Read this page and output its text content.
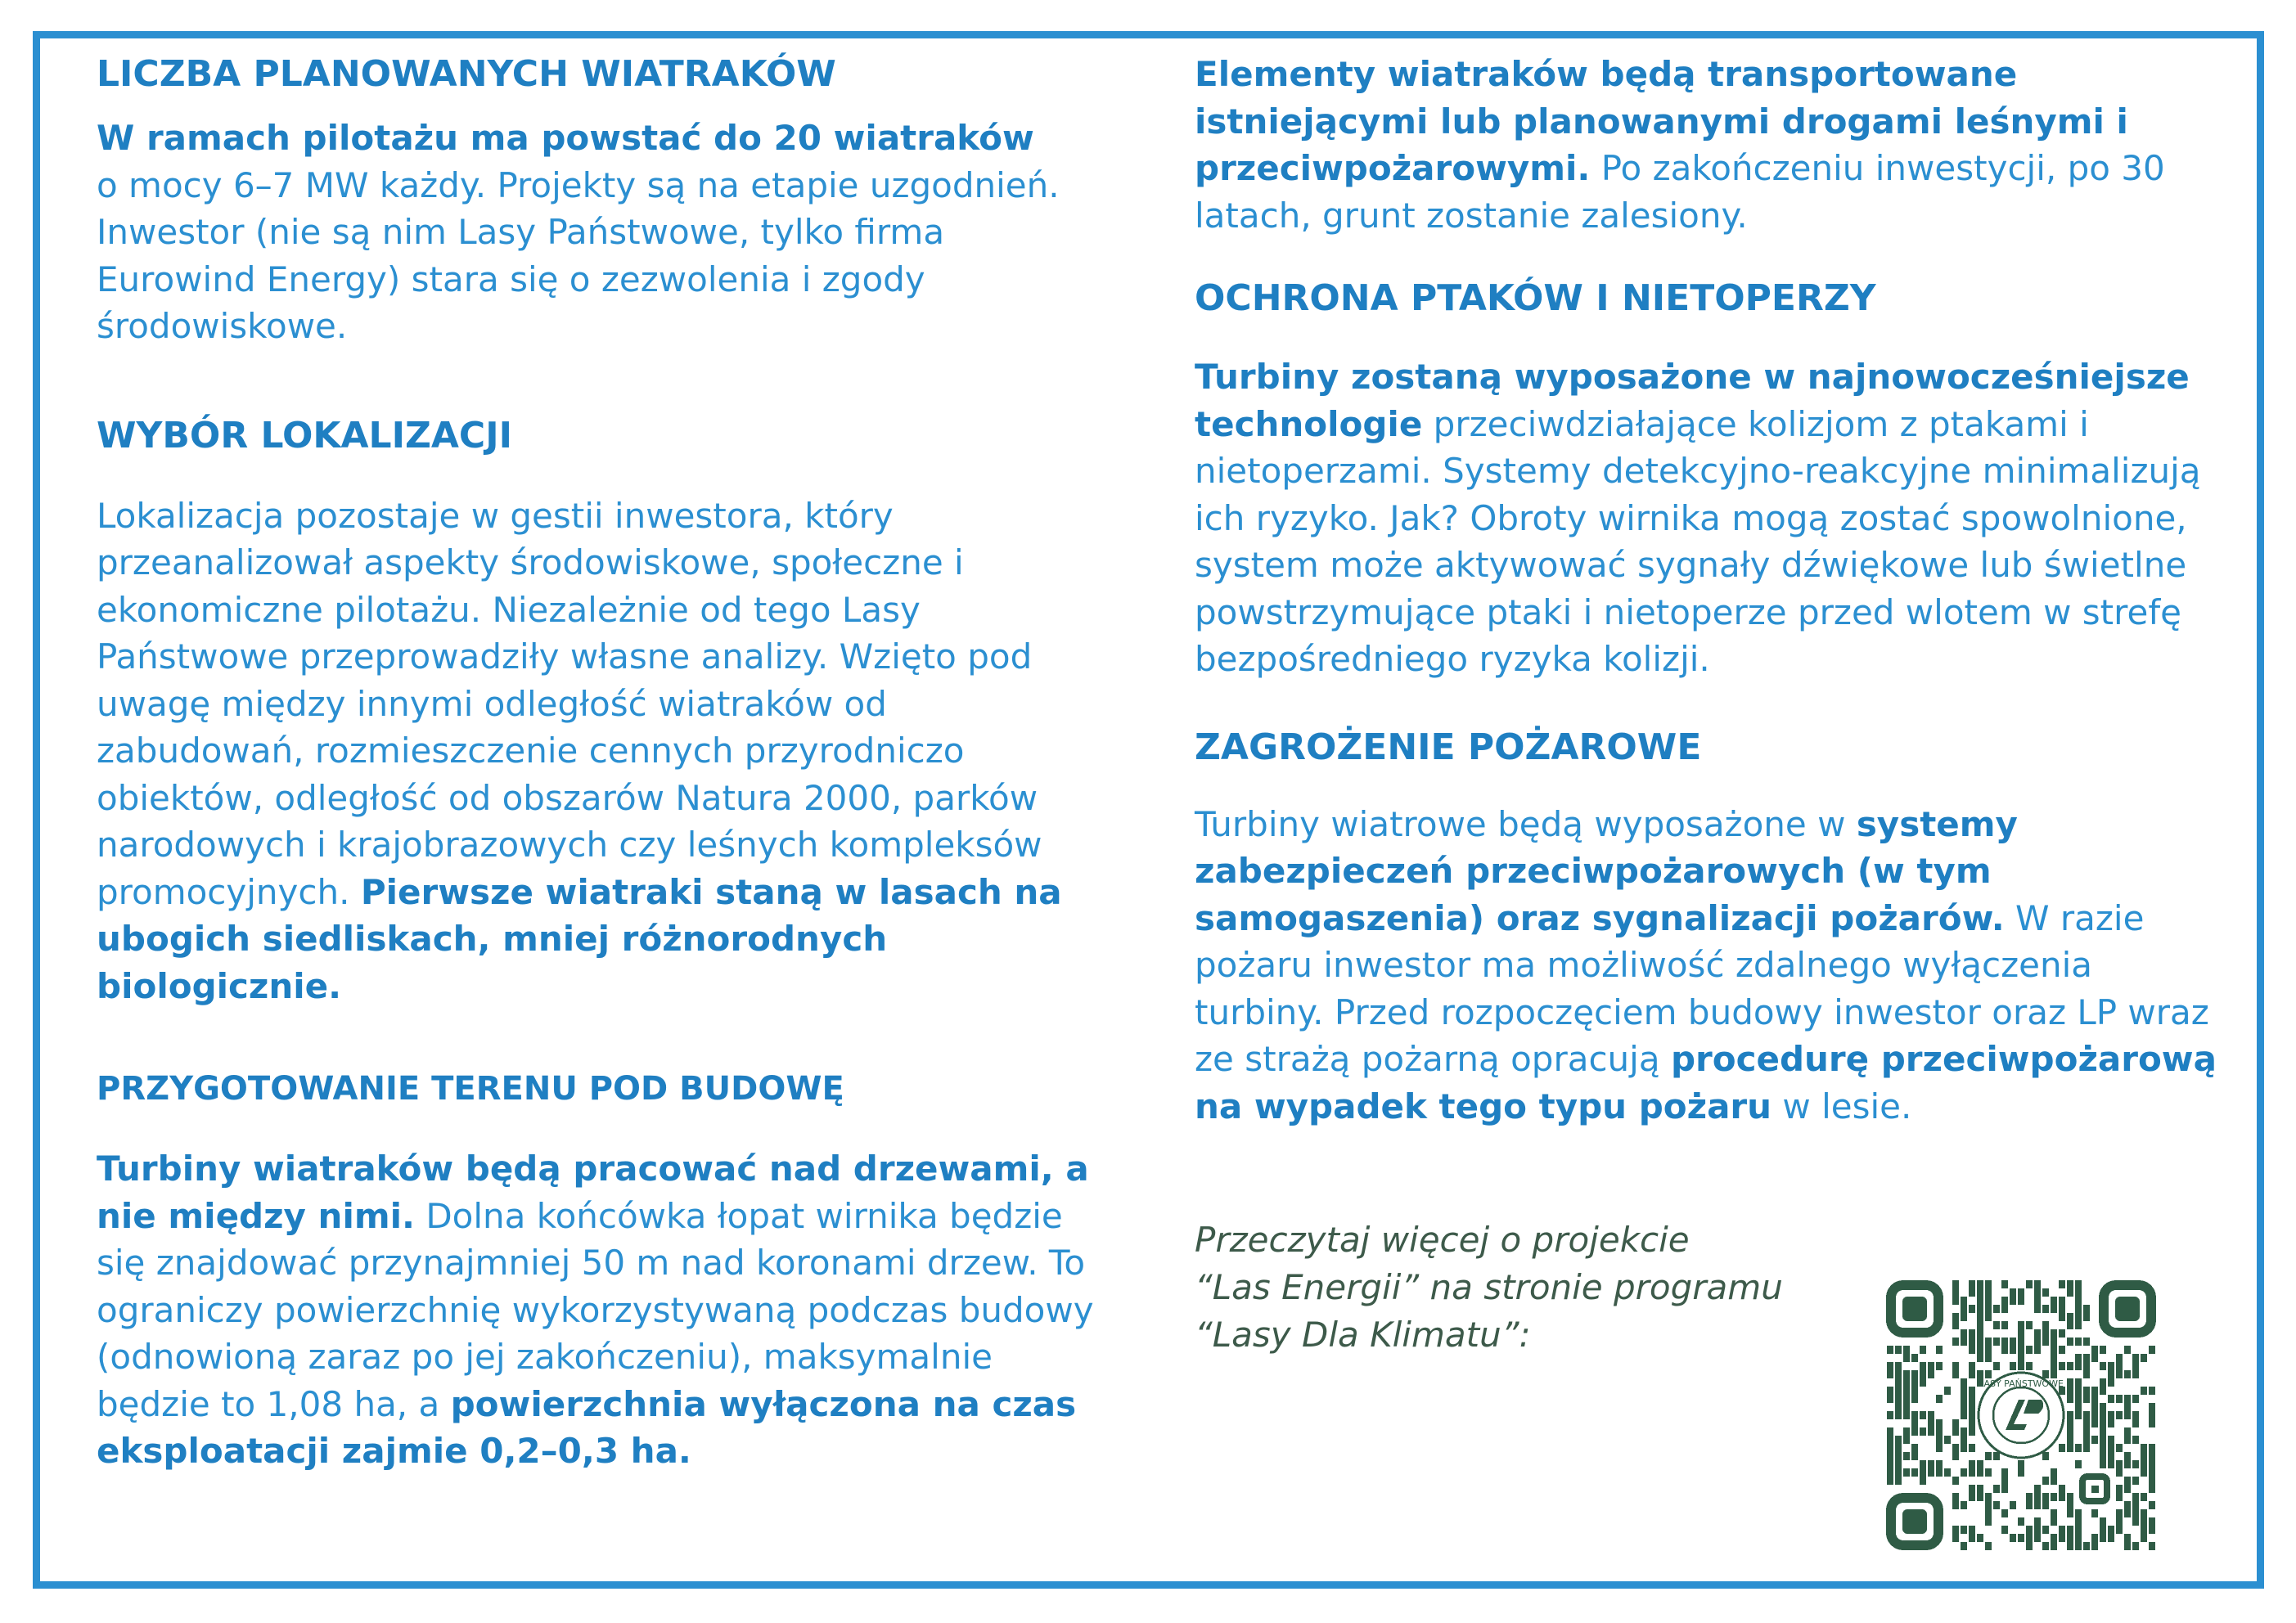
LICZBA PLANOWANYCH WIATRAKÓW

W ramach pilotażu ma powstać do 20 wiatraków
o mocy 6–7 MW każdy. Projekty są na etapie uzgodnień. Inwestor (nie są nim Lasy Państwowe, tylko firma Eurowind Energy) stara się o zezwolenia i zgody środowiskowe.

WYBÓR LOKALIZACJI

Lokalizacja pozostaje w gestii inwestora, który przeanalizował aspekty środowiskowe, społeczne i ekonomiczne pilotażu. Niezależnie od tego Lasy Państwowe przeprowadziły własne analizy. Wzięto pod uwagę między innymi odległość wiatraków od zabudowań, rozmieszczenie cennych przyrodniczo obiektów, odległość od obszarów Natura 2000, parków narodowych i krajobrazowych czy leśnych kompleksów promocyjnych. Pierwsze wiatraki staną w lasach na ubogich siedliskach, mniej różnorodnych biologicznie.

PRZYGOTOWANIE TERENU POD BUDOWĘ

Turbiny wiatraków będą pracować nad drzewami, a nie między nimi. Dolna końcówka łopat wirnika będzie się znajdować przynajmniej 50 m nad koronami drzew. To ograniczy powierzchnię wykorzystywaną podczas budowy (odnowioną zaraz po jej zakończeniu), maksymalnie będzie to 1,08 ha, a powierzchnia wyłączona na czas eksploatacji zajmie 0,2–0,3 ha.

Elementy wiatraków będą transportowane istniejącymi lub planowanymi drogami leśnymi i przeciwpożarowymi. Po zakończeniu inwestycji, po 30 latach, grunt zostanie zalesiony.

OCHRONA PTAKÓW I NIETOPERZY

Turbiny zostaną wyposażone w najnowocześniejsze technologie przeciwdziałające kolizjom z ptakami i nietoperzami. Systemy detekcyjno-reakcyjne minimalizują ich ryzyko. Jak? Obroty wirnika mogą zostać spowolnione, system może aktywować sygnały dźwiękowe lub świetlne powstrzymujące ptaki i nietoperze przed wlotem w strefę bezpośredniego ryzyka kolizji.

ZAGROŻENIE POŻAROWE

Turbiny wiatrowe będą wyposażone w systemy zabezpieczeń przeciwpożarowych (w tym samogaszenia) oraz sygnalizacji pożarów. W razie pożaru inwestor ma możliwość zdalnego wyłączenia turbiny. Przed rozpoczęciem budowy inwestor oraz LP wraz ze strażą pożarną opracują procedurę przeciwpożarową na wypadek tego typu pożaru w lesie.

Przeczytaj więcej o projekcie
“Las Energii” na stronie programu
“Lasy Dla Klimatu”:
LASY PAŃSTWOWE
